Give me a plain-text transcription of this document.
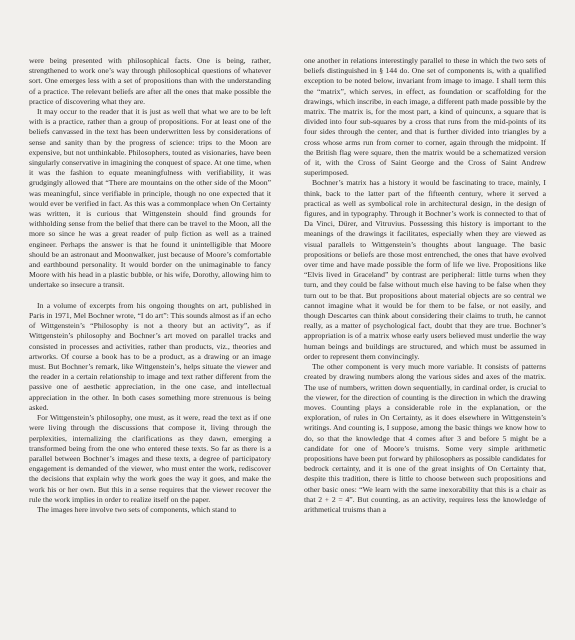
were being presented with philosophical facts. One is being, rather, strengthened to work one’s way through philosophical questions of whatever sort. One emerges less with a set of propositions than with the understanding of a practice. The relevant beliefs are after all the ones that make possible the practice of discovering what they are.

It may occur to the reader that it is just as well that what we are to be left with is a practice, rather than a group of propositions. For at least one of the beliefs canvassed in the text has been underwritten less by considerations of sense and sanity than by the progress of science: trips to the Moon are expensive, but not unthinkable. Philosophers, touted as visionaries, have been singularly conservative in imagining the conquest of space. At one time, when it was the fashion to equate meaningfulness with verifiability, it was grudgingly allowed that “There are mountains on the other side of the Moon” was meaningful, since verifiable in principle, though no one expected that it would ever be verified in fact. As this was a commonplace when On Certainty was written, it is curious that Wittgenstein should find grounds for withholding sense from the belief that there can be travel to the Moon, all the more so since he was a great reader of pulp fiction as well as a trained engineer. Perhaps the answer is that he found it unintelligible that Moore should be an astronaut and Moonwalker, just because of Moore’s comfortable and earthbound personality. It would border on the unimaginable to fancy Moore with his head in a plastic bubble, or his wife, Dorothy, allowing him to undertake so insecure a transit.

In a volume of excerpts from his ongoing thoughts on art, published in Paris in 1971, Mel Bochner wrote, “I do art”: This sounds almost as if an echo of Wittgenstein’s “Philosophy is not a theory but an activity”, as if Wittgenstein’s philosophy and Bochner’s art moved on parallel tracks and consisted in processes and activities, rather than products, viz., theories and artworks. Of course a book has to be a product, as a drawing or an image must. But Bochner’s remark, like Wittgenstein’s, helps situate the viewer and the reader in a certain relationship to image and text rather different from the passive one of aesthetic appreciation, in the one case, and intellectual appreciation in the other. In both cases something more strenuous is being asked.

For Wittgenstein’s philosophy, one must, as it were, read the text as if one were living through the discussions that compose it, living through the perplexities, internalizing the clarifications as they dawn, emerging a transformed being from the one who entered these texts. So far as there is a parallel between Bochner’s images and these texts, a degree of participatory engagement is demanded of the viewer, who must enter the work, rediscover the decisions that explain why the work goes the way it goes, and make the work his or her own. But this in a sense requires that the viewer recover the rule the work implies in order to realize itself on the paper.

The images here involve two sets of components, which stand to

one another in relations interestingly parallel to these in which the two sets of beliefs distinguished in § 144 do. One set of components is, with a qualified exception to be noted below, invariant from image to image. I shall term this the “matrix”, which serves, in effect, as foundation or scaffolding for the drawings, which inscribe, in each image, a different path made possible by the matrix. The matrix is, for the most part, a kind of quincunx, a square that is divided into four sub-squares by a cross that runs from the mid-points of its four sides through the center, and that is further divided into triangles by a cross whose arms run from corner to corner, again through the midpoint. If the British flag were square, then the matrix would be a schematized version of it, with the Cross of Saint George and the Cross of Saint Andrew superimposed.

Bochner’s matrix has a history it would be fascinating to trace, mainly, I think, back to the latter part of the fifteenth century, where it served a practical as well as symbolical role in architectural design, in the design of figures, and in typography. Through it Bochner’s work is connected to that of Da Vinci, Dürer, and Vitruvius. Possessing this history is important to the meanings of the drawings it facilitates, especially when they are viewed as visual parallels to Wittgenstein’s thoughts about language. The basic propositions or beliefs are those most entrenched, the ones that have evolved over time and have made possible the form of life we live. Propositions like “Elvis lived in Graceland” by contrast are peripheral: little turns when they turn, and they could be false without much else having to be false when they turn out to be that. But propositions about material objects are so central we cannot imagine what it would be for them to be false, or not easily, and though Descartes can think about considering their claims to truth, he cannot really, as a matter of psychological fact, doubt that they are true. Bochner’s appropriation is of a matrix whose early users believed must underlie the way human beings and buildings are structured, and which must be assumed in order to represent them convincingly.

The other component is very much more variable. It consists of patterns created by drawing numbers along the various sides and axes of the matrix. The use of numbers, written down sequentially, in cardinal order, is crucial to the viewer, for the direction of counting is the direction in which the drawing moves. Counting plays a considerable role in the explanation, or the exploration, of rules in On Certainty, as it does elsewhere in Wittgenstein’s writings. And counting is, I suppose, among the basic things we know how to do, so that the knowledge that 4 comes after 3 and before 5 might be a candidate for one of Moore’s truisms. Some very simple arithmetic propositions have been put forward by philosophers as possible candidates for bedrock certainty, and it is one of the great insights of On Certainty that, despite this tradition, there is little to choose between such propositions and other basic ones: “We learn with the same inexorability that this is a chair as that 2 + 2 = 4”. But counting, as an activity, requires less the knowledge of arithmetical truisms than a
